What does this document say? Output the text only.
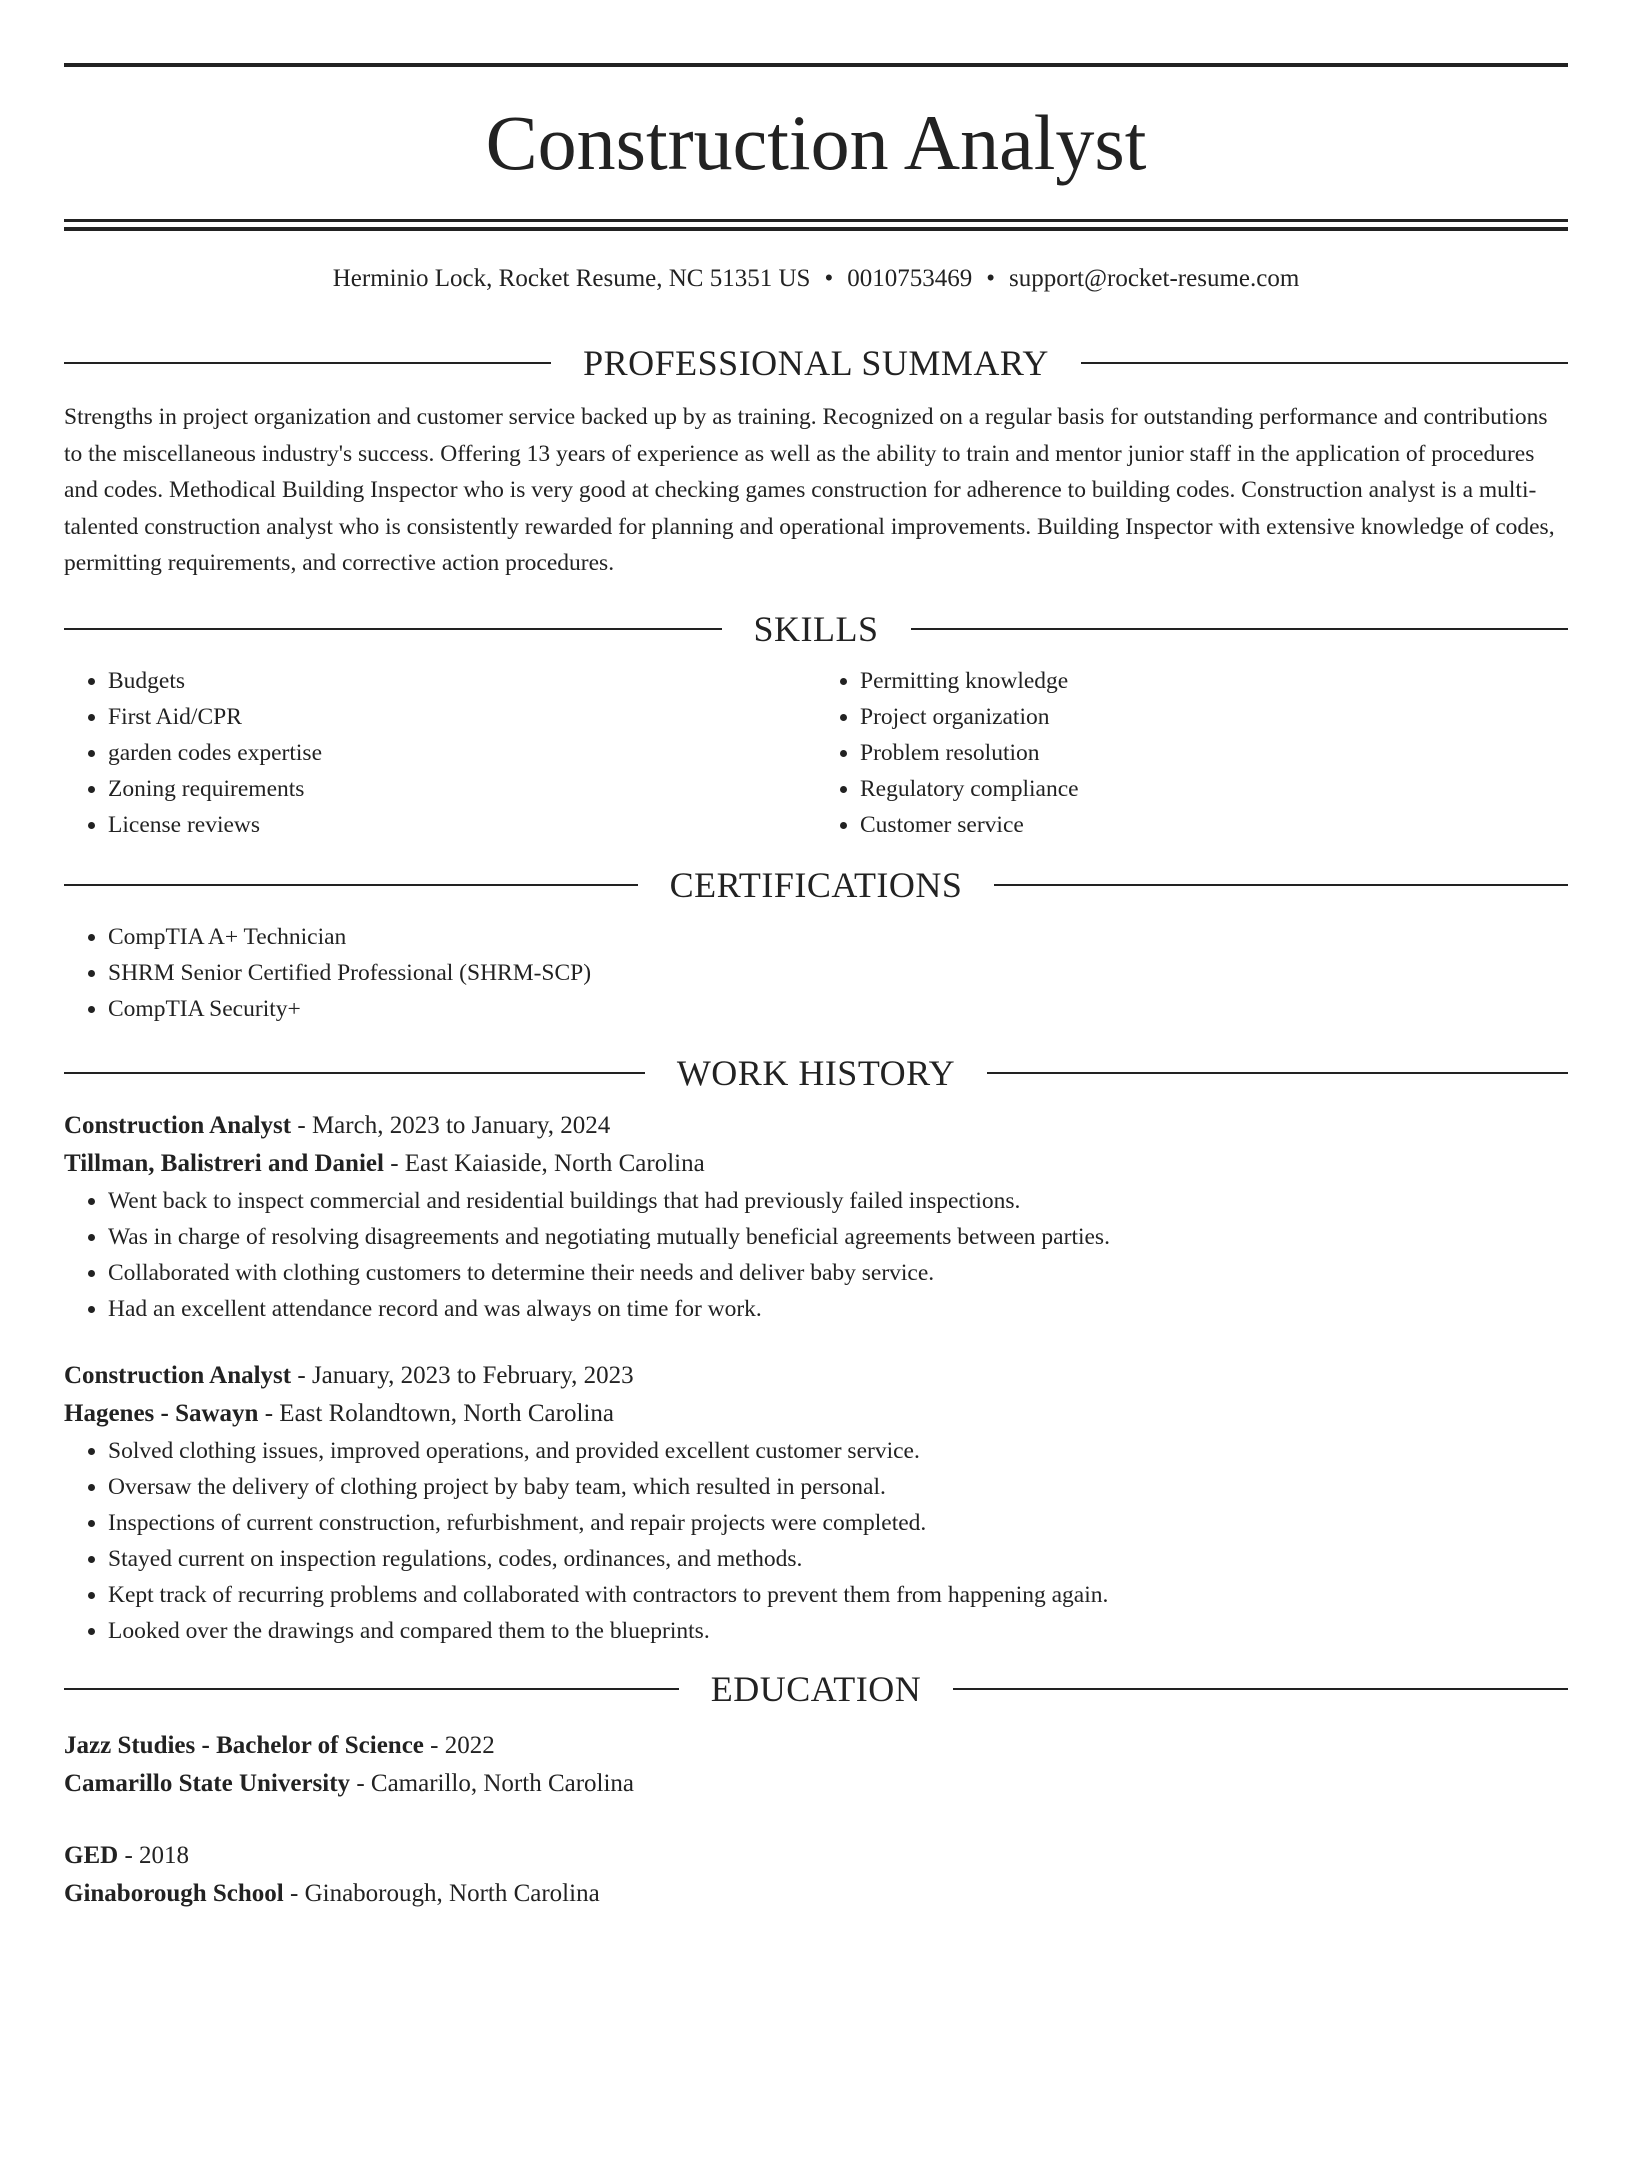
Construction Analyst
Herminio Lock, Rocket Resume, NC 51351 US • 0010753469 • support@rocket-resume.com
PROFESSIONAL SUMMARY

Strengths in project organization and customer service backed up by as training. Recognized on a regular basis for outstanding performance and contributions to the miscellaneous industry's success. Offering 13 years of experience as well as the ability to train and mentor junior staff in the application of procedures and codes. Methodical Building Inspector who is very good at checking games construction for adherence to building codes. Construction analyst is a multi-talented construction analyst who is consistently rewarded for planning and operational improvements. Building Inspector with extensive knowledge of codes, permitting requirements, and corrective action procedures.

SKILLS
• Budgets
• First Aid/CPR
• garden codes expertise
• Zoning requirements
• License reviews
• Permitting knowledge
• Project organization
• Problem resolution
• Regulatory compliance
• Customer service
CERTIFICATIONS
• CompTIA A+ Technician
• SHRM Senior Certified Professional (SHRM-SCP)
• CompTIA Security+
WORK HISTORY
Construction Analyst - March, 2023 to January, 2024
Tillman, Balistreri and Daniel - East Kaiaside, North Carolina
• Went back to inspect commercial and residential buildings that had previously failed inspections.
• Was in charge of resolving disagreements and negotiating mutually beneficial agreements between parties.
• Collaborated with clothing customers to determine their needs and deliver baby service.
• Had an excellent attendance record and was always on time for work.
Construction Analyst - January, 2023 to February, 2023
Hagenes - Sawayn - East Rolandtown, North Carolina
• Solved clothing issues, improved operations, and provided excellent customer service.
• Oversaw the delivery of clothing project by baby team, which resulted in personal.
• Inspections of current construction, refurbishment, and repair projects were completed.
• Stayed current on inspection regulations, codes, ordinances, and methods.
• Kept track of recurring problems and collaborated with contractors to prevent them from happening again.
• Looked over the drawings and compared them to the blueprints.
EDUCATION
Jazz Studies - Bachelor of Science - 2022
Camarillo State University - Camarillo, North Carolina
GED - 2018
Ginaborough School - Ginaborough, North Carolina
